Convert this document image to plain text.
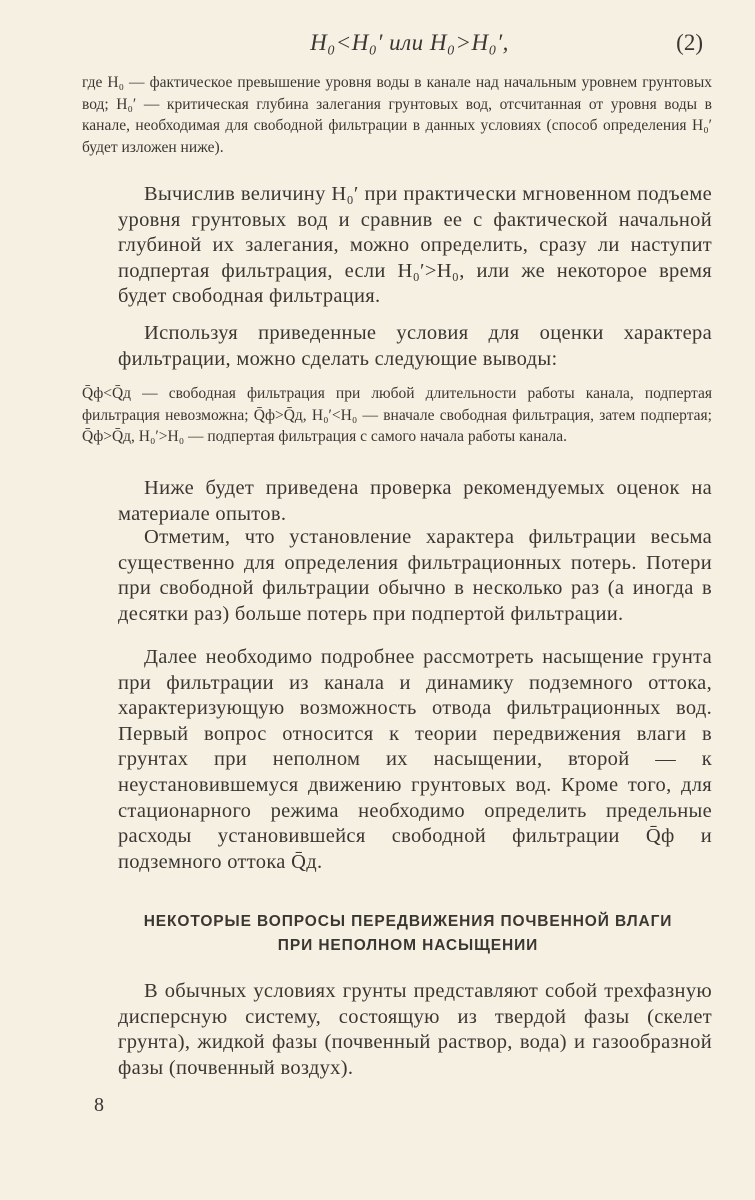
H₀<H₀′ или H₀>H₀′,	(2)

где H₀ — фактическое превышение уровня воды в канале над начальным уровнем грунтовых вод; H₀′ — критическая глубина залегания грунтовых вод, отсчитанная от уровня воды в канале, необходимая для свободной фильтрации в данных условиях (способ определения H₀′ будет изложен ниже).

Вычислив величину H₀′ при практически мгновенном подъеме уровня грунтовых вод и сравнив ее с фактической начальной глубиной их залегания, можно определить, сразу ли наступит подпертая фильтрация, если H₀′>H₀, или же некоторое время будет свободная фильтрация.

Используя приведенные условия для оценки характера фильтрации, можно сделать следующие выводы:

Q̄ф<Q̄д — свободная фильтрация при любой длительности работы канала, подпертая фильтрация невозможна; Q̄ф>Q̄д, H₀′<H₀ — вначале свободная фильтрация, затем подпертая; Q̄ф>Q̄д, H₀′>H₀ — подпертая фильтрация с самого начала работы канала.

Ниже будет приведена проверка рекомендуемых оценок на материале опытов.

Отметим, что установление характера фильтрации весьма существенно для определения фильтрационных потерь. Потери при свободной фильтрации обычно в несколько раз (а иногда в десятки раз) больше потерь при подпертой фильтрации.

Далее необходимо подробнее рассмотреть насыщение грунта при фильтрации из канала и динамику подземного оттока, характеризующую возможность отвода фильтрационных вод. Первый вопрос относится к теории передвижения влаги в грунтах при неполном их насыщении, второй — к неустановившемуся движению грунтовых вод. Кроме того, для стационарного режима необходимо определить предельные расходы установившейся свободной фильтрации Q̄ф и подземного оттока Q̄д.

НЕКОТОРЫЕ ВОПРОСЫ ПЕРЕДВИЖЕНИЯ ПОЧВЕННОЙ ВЛАГИ
ПРИ НЕПОЛНОМ НАСЫЩЕНИИ

В обычных условиях грунты представляют собой трехфазную дисперсную систему, состоящую из твердой фазы (скелет грунта), жидкой фазы (почвенный раствор, вода) и газообразной фазы (почвенный воздух).

8
